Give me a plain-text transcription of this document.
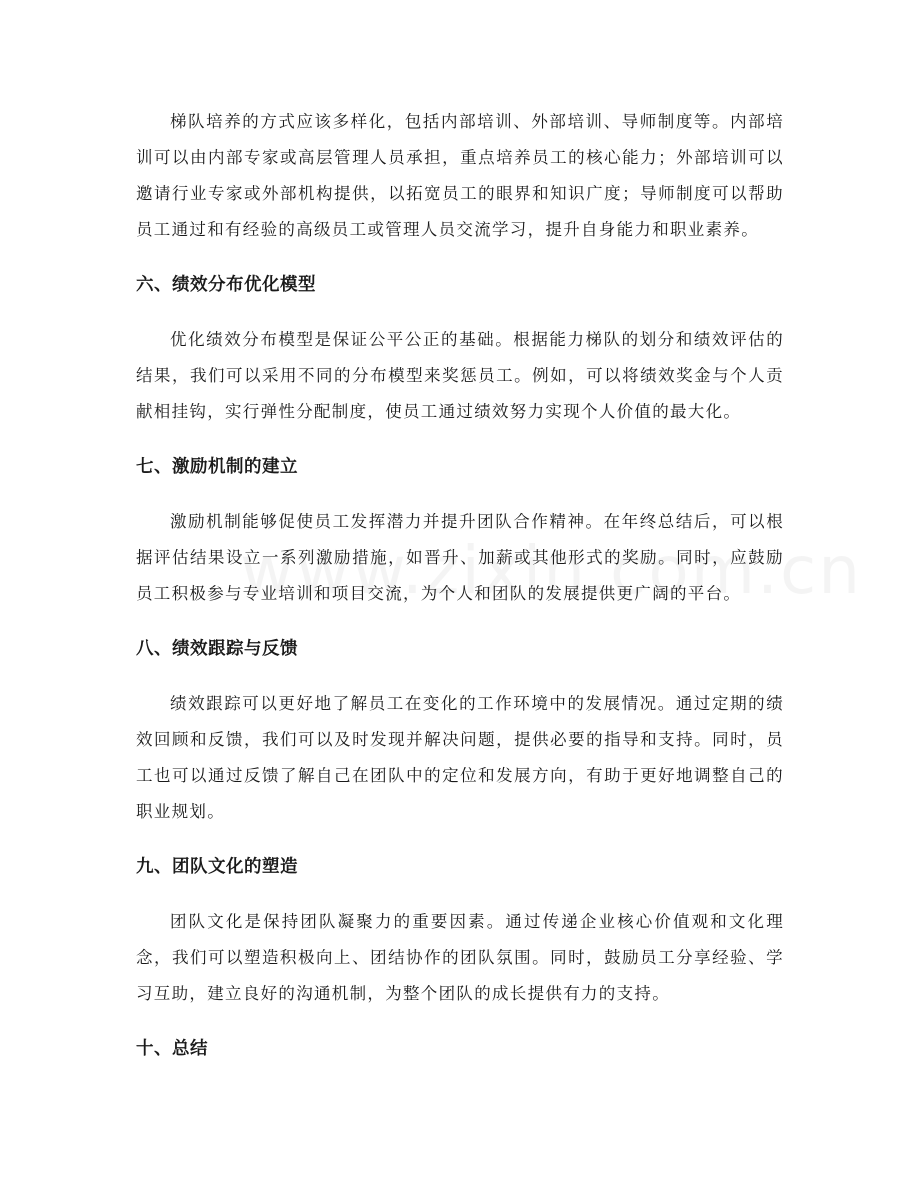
梯队培养的方式应该多样化，包括内部培训、外部培训、导师制度等。内部培训可以由内部专家或高层管理人员承担，重点培养员工的核心能力；外部培训可以邀请行业专家或外部机构提供，以拓宽员工的眼界和知识广度；导师制度可以帮助员工通过和有经验的高级员工或管理人员交流学习，提升自身能力和职业素养。

六、绩效分布优化模型

优化绩效分布模型是保证公平公正的基础。根据能力梯队的划分和绩效评估的结果，我们可以采用不同的分布模型来奖惩员工。例如，可以将绩效奖金与个人贡献相挂钩，实行弹性分配制度，使员工通过绩效努力实现个人价值的最大化。

七、激励机制的建立

激励机制能够促使员工发挥潜力并提升团队合作精神。在年终总结后，可以根据评估结果设立一系列激励措施，如晋升、加薪或其他形式的奖励。同时，应鼓励员工积极参与专业培训和项目交流，为个人和团队的发展提供更广阔的平台。

八、绩效跟踪与反馈

绩效跟踪可以更好地了解员工在变化的工作环境中的发展情况。通过定期的绩效回顾和反馈，我们可以及时发现并解决问题，提供必要的指导和支持。同时，员工也可以通过反馈了解自己在团队中的定位和发展方向，有助于更好地调整自己的职业规划。

九、团队文化的塑造

团队文化是保持团队凝聚力的重要因素。通过传递企业核心价值观和文化理念，我们可以塑造积极向上、团结协作的团队氛围。同时，鼓励员工分享经验、学习互助，建立良好的沟通机制，为整个团队的成长提供有力的支持。

十、总结
